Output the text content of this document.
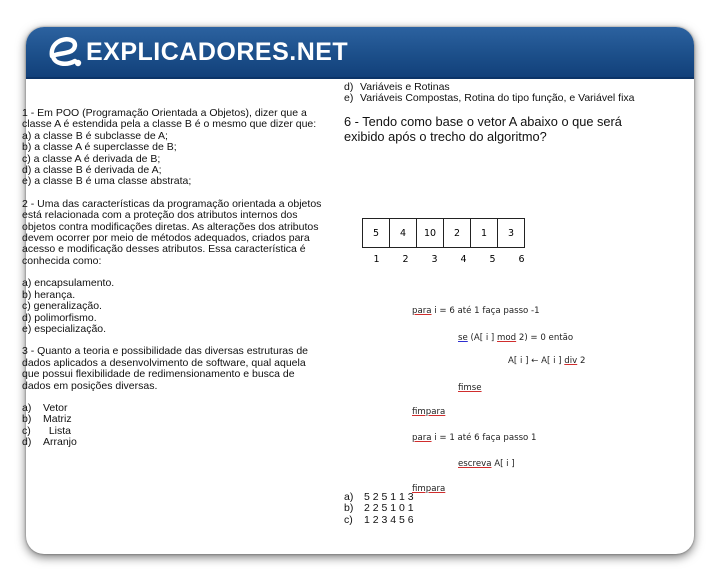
EXPLICADORES.NET

1 - Em POO (Programação Orientada a Objetos), dizer que a classe A é estendida pela a classe B é o mesmo que dizer que:

a) a classe B é subclasse de A;

b) a classe A é superclasse de B;

c) a classe A é derivada de B;

d) a classe B é derivada de A;

e) a classe B é uma classe abstrata;

2 - Uma das características da programação orientada a objetos está relacionada com a proteção dos atributos internos dos objetos contra modificações diretas. As alterações dos atributos devem ocorrer por meio de métodos adequados, criados para acesso e modificação desses atributos. Essa característica é conhecida como:

a) encapsulamento.

b) herança.

c) generalização.

d) polimorfismo.

e) especialização.

3 - Quanto a teoria e possibilidade das diversas estruturas de dados aplicados a desenvolvimento de software, qual aquela que possui flexibilidade de redimensionamento e busca de dados em posições diversas.

a)	Vetor
b)	Matriz
c)	Lista
d)	Arranjo
d) Variáveis e Rotinas
e) Variáveis Compostas, Rotina do tipo função, e Variável fixa

6 - Tendo como base o vetor A abaixo o que será exibido após o trecho do algoritmo?

5	4	10	2	1	3
1	2	3	4	5	6
para i = 6 até 1 faça passo -1
se (A[ i ] mod 2) = 0 então
A[ i ] ← A[ i ] div 2
fimse
fimpara
para i = 1 até 6 faça passo 1
escreva A[ i ]
fimpara
a)	5 2 5 1 1 3
b)	2 2 5 1 0 1
c)	1 2 3 4 5 6
